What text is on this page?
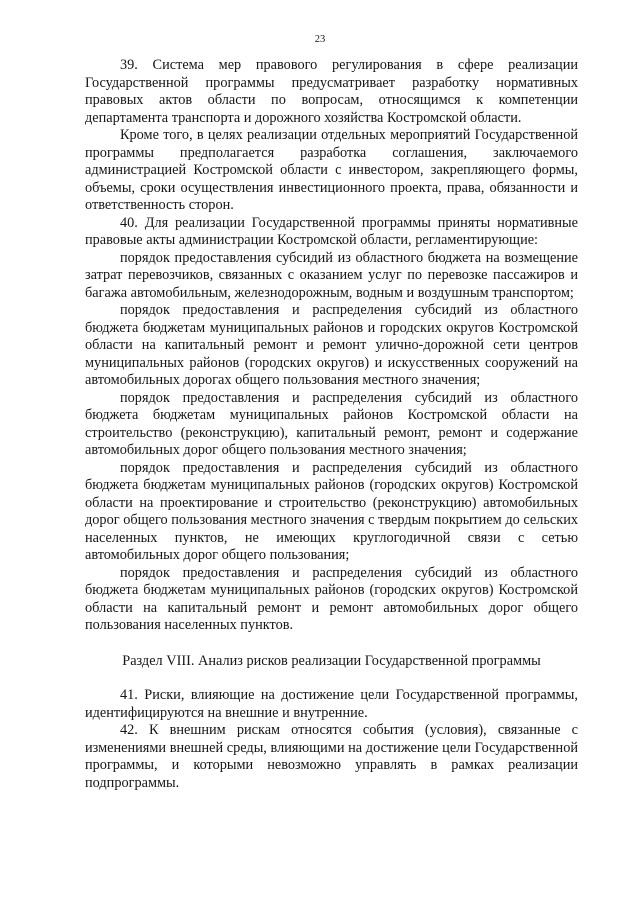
23

39. Система мер правового регулирования в сфере реализации Государственной программы предусматривает разработку нормативных правовых актов области по вопросам, относящимся к компетенции департамента транспорта и дорожного хозяйства Костромской области.

Кроме того, в целях реализации отдельных мероприятий Государственной программы предполагается разработка соглашения, заключаемого администрацией Костромской области с инвестором, закрепляющего формы, объемы, сроки осуществления инвестиционного проекта, права, обязанности и ответственность сторон.

40. Для реализации Государственной программы приняты нормативные правовые акты администрации Костромской области, регламентирующие:

порядок предоставления субсидий из областного бюджета на возмещение затрат перевозчиков, связанных с оказанием услуг по перевозке пассажиров и багажа автомобильным, железнодорожным, водным и воздушным транспортом;

порядок предоставления и распределения субсидий из областного бюджета бюджетам муниципальных районов и городских округов Костромской области на капитальный ремонт и ремонт улично-дорожной сети центров муниципальных районов (городских округов) и искусственных сооружений на автомобильных дорогах общего пользования местного значения;

порядок предоставления и распределения субсидий из областного бюджета бюджетам муниципальных районов Костромской области на строительство (реконструкцию), капитальный ремонт, ремонт и содержание автомобильных дорог общего пользования местного значения;

порядок предоставления и распределения субсидий из областного бюджета бюджетам муниципальных районов (городских округов) Костромской области на проектирование и строительство (реконструкцию) автомобильных дорог общего пользования местного значения с твердым покрытием до сельских населенных пунктов, не имеющих круглогодичной связи с сетью автомобильных дорог общего пользования;

порядок предоставления и распределения субсидий из областного бюджета бюджетам муниципальных районов (городских округов) Костромской области на капитальный ремонт и ремонт автомобильных дорог общего пользования населенных пунктов.

Раздел VIII. Анализ рисков реализации Государственной программы

41. Риски, влияющие на достижение цели Государственной программы, идентифицируются на внешние и внутренние.

42. К внешним рискам относятся события (условия), связанные с изменениями внешней среды, влияющими на достижение цели Государственной программы, и которыми невозможно управлять в рамках реализации подпрограммы.
